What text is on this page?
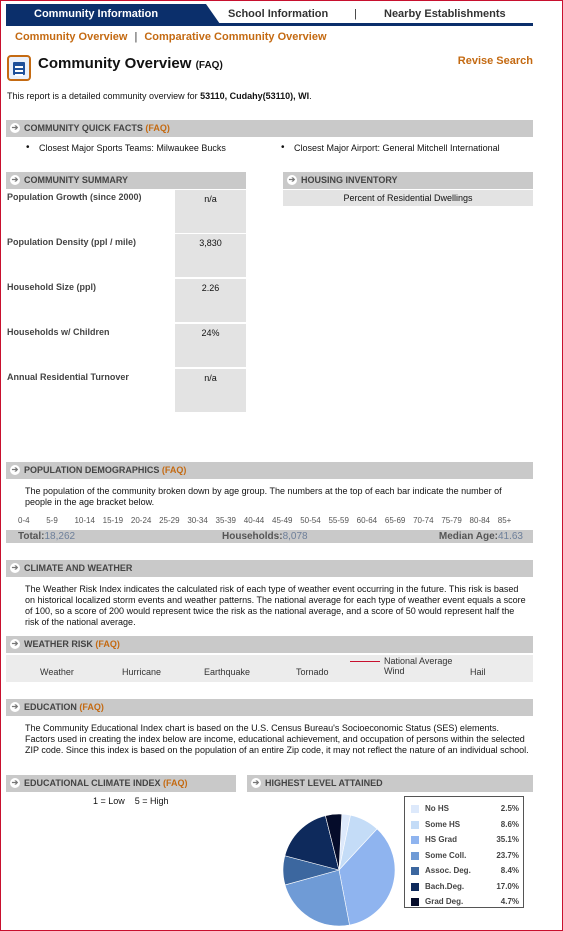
Community Information	School Information | Nearby Establishments
Community Overview | Comparative Community Overview
Community Overview (FAQ)	Revise Search
This report is a detailed community overview for 53110, Cudahy(53110), WI.
➔ COMMUNITY QUICK FACTS (FAQ)
• Closest Major Sports Teams: Milwaukee Bucks
•	Closest Major Airport: General Mitchell International
➔ COMMUNITY SUMMARY
Population Growth (since 2000)	n/a
Population Density (ppl / mile)	3,830
Household Size (ppl)	2.26
Households w/ Children	24%
Annual Residential Turnover	n/a
➔ HOUSING INVENTORY
Percent of Residential Dwellings
➔ POPULATION DEMOGRAPHICS (FAQ)
The population of the community broken down by age group. The numbers at the top of each bar indicate the number of people in the age bracket below.
0-4 5-9 10-14 15-19 20-24 25-29 30-34 35-39 40-44 45-49 50-54 55-59 60-64 65-69 70-74 75-79 80-84 85+
Total:18,262	Households:8,078	Median Age:41.63
➔ CLIMATE AND WEATHER
The Weather Risk Index indicates the calculated risk of each type of weather event occurring in the future. This risk is based on historical localized storm events and weather patterns. The national average for each type of weather event equals a score of 100, so a score of 200 would represent twice the risk as the national average, and a score of 50 would represent half the risk of the national average.
➔ WEATHER RISK (FAQ)
National Average
Weather	Hurricane	Earthquake	Tornado	Wind	Hail
➔ EDUCATION (FAQ)
The Community Educational Index chart is based on the U.S. Census Bureau's Socioeconomic Status (SES) elements. Factors used in creating the index below are income, educational achievement, and occupation of persons within the selected ZIP code. Since this index is based on the population of an entire Zip code, it may not reflect the nature of an individual school.
➔ EDUCATIONAL CLIMATE INDEX (FAQ)
1 = Low    5 = High
➔ HIGHEST LEVEL ATTAINED
No HS	2.5%
Some HS	8.6%
HS Grad	35.1%
Some Coll.	23.7%
Assoc. Deg.	8.4%
Bach.Deg.	17.0%
Grad Deg.	4.7%
